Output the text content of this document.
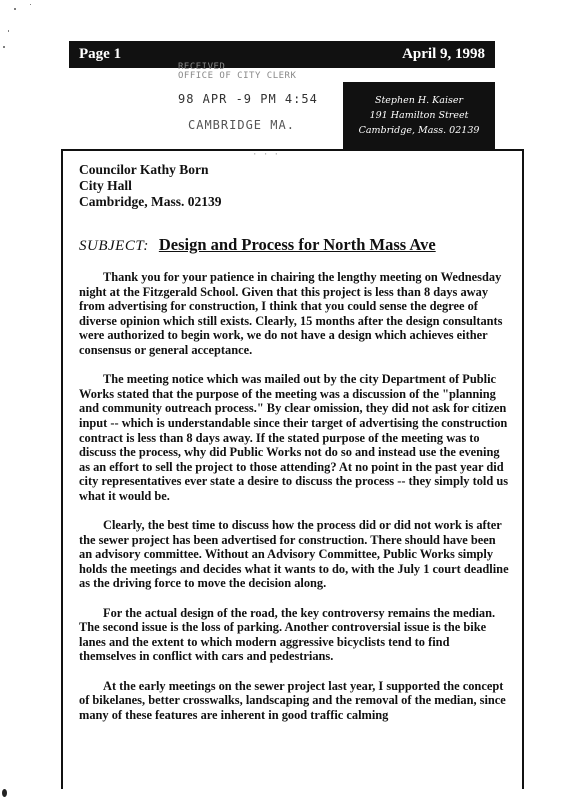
Page 1	April 9, 1998
RECEIVED
OFFICE OF CITY CLERK
98 APR -9 PM 4:54
CAMBRIDGE MA.
Stephen H. Kaiser
191 Hamilton Street
Cambridge, Mass. 02139
· · ·
Councilor Kathy Born
City Hall
Cambridge, Mass. 02139
SUBJECT: Design and Process for North Mass Ave

Thank you for your patience in chairing the lengthy meeting on Wednesday night at the Fitzgerald School. Given that this project is less than 8 days away from advertising for construction, I think that you could sense the degree of diverse opinion which still exists. Clearly, 15 months after the design consultants were authorized to begin work, we do not have a design which achieves either consensus or general acceptance.

The meeting notice which was mailed out by the city Department of Public Works stated that the purpose of the meeting was a discussion of the "planning and community outreach process." By clear omission, they did not ask for citizen input -- which is understandable since their target of advertising the construction contract is less than 8 days away. If the stated purpose of the meeting was to discuss the process, why did Public Works not do so and instead use the evening as an effort to sell the project to those attending? At no point in the past year did city representatives ever state a desire to discuss the process -- they simply told us what it would be.

Clearly, the best time to discuss how the process did or did not work is after the sewer project has been advertised for construction. There should have been an advisory committee. Without an Advisory Committee, Public Works simply holds the meetings and decides what it wants to do, with the July 1 court deadline as the driving force to move the decision along.

For the actual design of the road, the key controversy remains the median. The second issue is the loss of parking. Another controversial issue is the bike lanes and the extent to which modern aggressive bicyclists tend to find themselves in conflict with cars and pedestrians.

At the early meetings on the sewer project last year, I supported the concept of bikelanes, better crosswalks, landscaping and the removal of the median, since many of these features are inherent in good traffic calming
